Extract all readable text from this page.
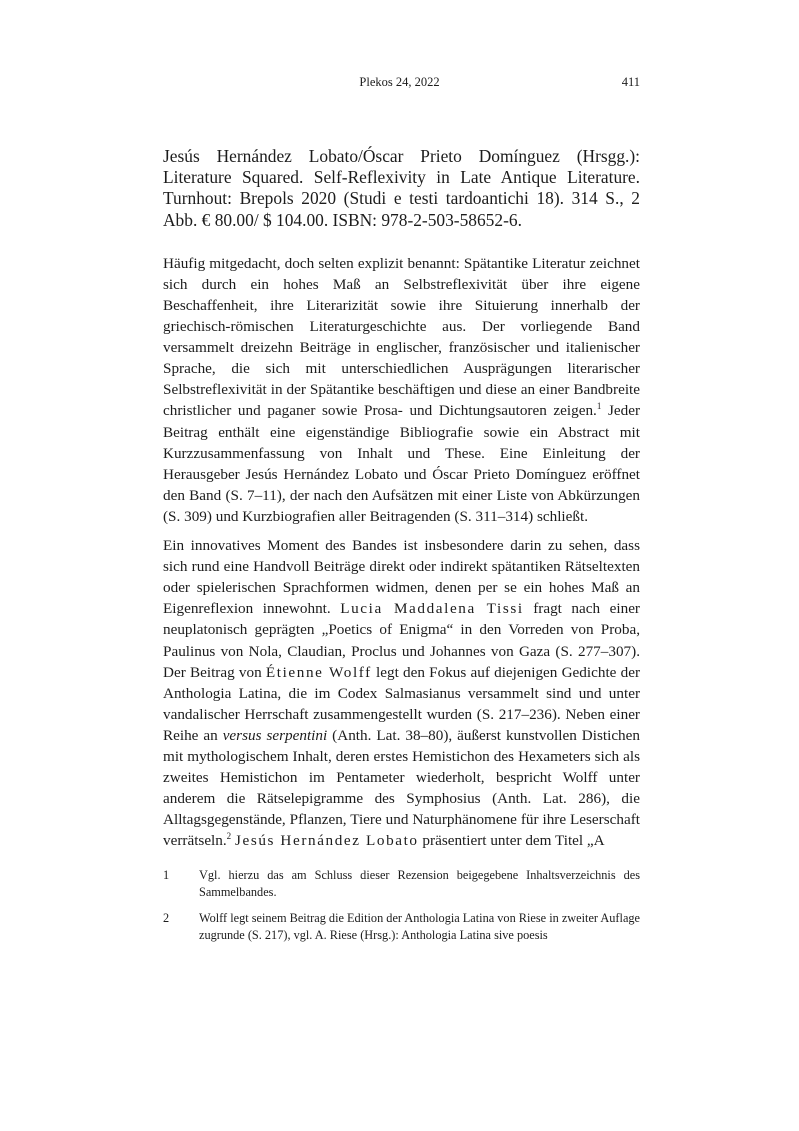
Plekos 24, 2022	411

Jesús Hernández Lobato/Óscar Prieto Domínguez (Hrsgg.): Literature Squared. Self-Reflexivity in Late Antique Literature. Turnhout: Brepols 2020 (Studi e testi tardoantichi 18). 314 S., 2 Abb. € 80.00/ $ 104.00. ISBN: 978-2-503-58652-6.

Häufig mitgedacht, doch selten explizit benannt: Spätantike Literatur zeichnet sich durch ein hohes Maß an Selbstreflexivität über ihre eigene Beschaffenheit, ihre Literarizität sowie ihre Situierung innerhalb der griechisch-römischen Literaturgeschichte aus. Der vorliegende Band versammelt dreizehn Beiträge in englischer, französischer und italienischer Sprache, die sich mit unterschiedlichen Ausprägungen literarischer Selbstreflexivität in der Spätantike beschäftigen und diese an einer Bandbreite christlicher und paganer sowie Prosa- und Dichtungsautoren zeigen.$^1$ Jeder Beitrag enthält eine eigenständige Bibliografie sowie ein Abstract mit Kurzzusammenfassung von Inhalt und These. Eine Einleitung der Herausgeber Jesús Hernández Lobato und Óscar Prieto Domínguez eröffnet den Band (S. 7–11), der nach den Aufsätzen mit einer Liste von Abkürzungen (S. 309) und Kurzbiografien aller Beitragenden (S. 311–314) schließt.

Ein innovatives Moment des Bandes ist insbesondere darin zu sehen, dass sich rund eine Handvoll Beiträge direkt oder indirekt spätantiken Rätseltexten oder spielerischen Sprachformen widmen, denen per se ein hohes Maß an Eigenreflexion innewohnt. Lucia Maddalena Tissi fragt nach einer neuplatonisch geprägten „Poetics of Enigma“ in den Vorreden von Proba, Paulinus von Nola, Claudian, Proclus und Johannes von Gaza (S. 277–307). Der Beitrag von Étienne Wolff legt den Fokus auf diejenigen Gedichte der Anthologia Latina, die im Codex Salmasianus versammelt sind und unter vandalischer Herrschaft zusammengestellt wurden (S. 217–236). Neben einer Reihe an versus serpentini (Anth. Lat. 38–80), äußerst kunstvollen Distichen mit mythologischem Inhalt, deren erstes Hemistichon des Hexameters sich als zweites Hemistichon im Pentameter wiederholt, bespricht Wolff unter anderem die Rätselepigramme des Symphosius (Anth. Lat. 286), die Alltagsgegenstände, Pflanzen, Tiere und Naturphänomene für ihre Leserschaft verrätseln.$^2$ Jesús Hernández Lobato präsentiert unter dem Titel „A

1	Vgl. hierzu das am Schluss dieser Rezension beigegebene Inhaltsverzeichnis des Sammelbandes.
2	Wolff legt seinem Beitrag die Edition der Anthologia Latina von Riese in zweiter Auflage zugrunde (S. 217), vgl. A. Riese (Hrsg.): Anthologia Latina sive poesis
